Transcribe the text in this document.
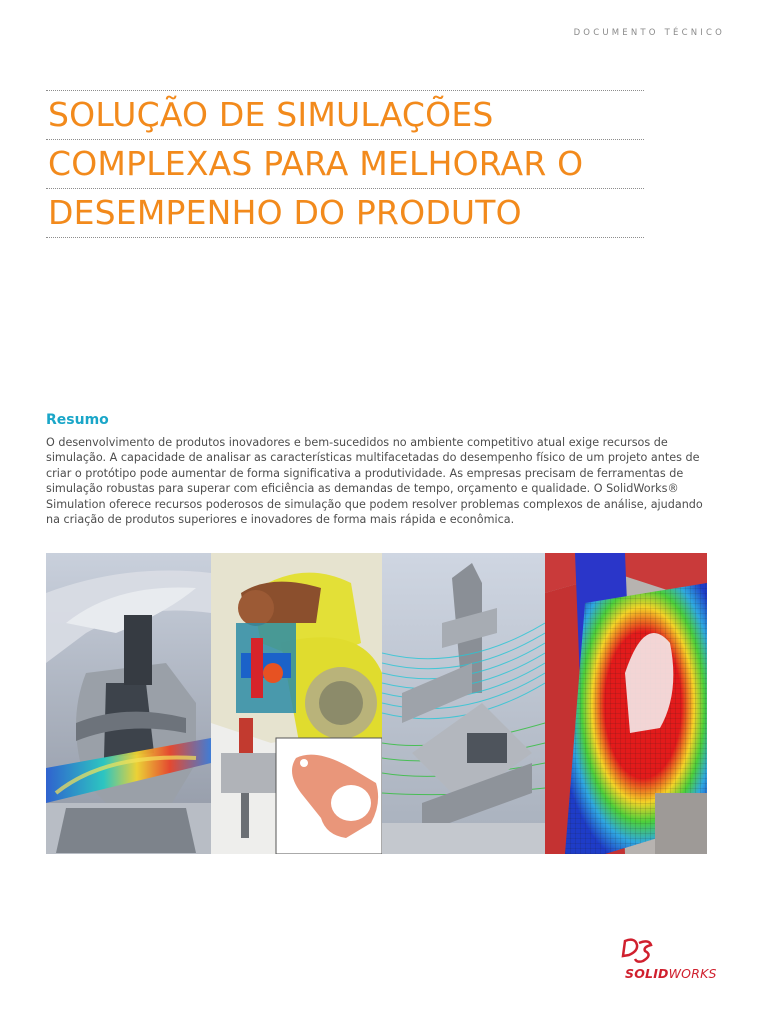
DOCUMENTO TÉCNICO
SOLUÇÃO DE SIMULAÇÕES
COMPLEXAS PARA MELHORAR O
DESEMPENHO DO PRODUTO
Resumo
O desenvolvimento de produtos inovadores e bem-sucedidos no ambiente competitivo atual exige recursos de simulação. A capacidade de analisar as características multifacetadas do desempenho físico de um projeto antes de criar o protótipo pode aumentar de forma significativa a produtividade. As empresas precisam de ferramentas de simulação robustas para superar com eficiência as demandas de tempo, orçamento e qualidade. O SolidWorks® Simulation oferece recursos poderosos de simulação que podem resolver problemas complexos de análise, ajudando na criação de produtos superiores e inovadores de forma mais rápida e econômica.
SOLIDWORKS
